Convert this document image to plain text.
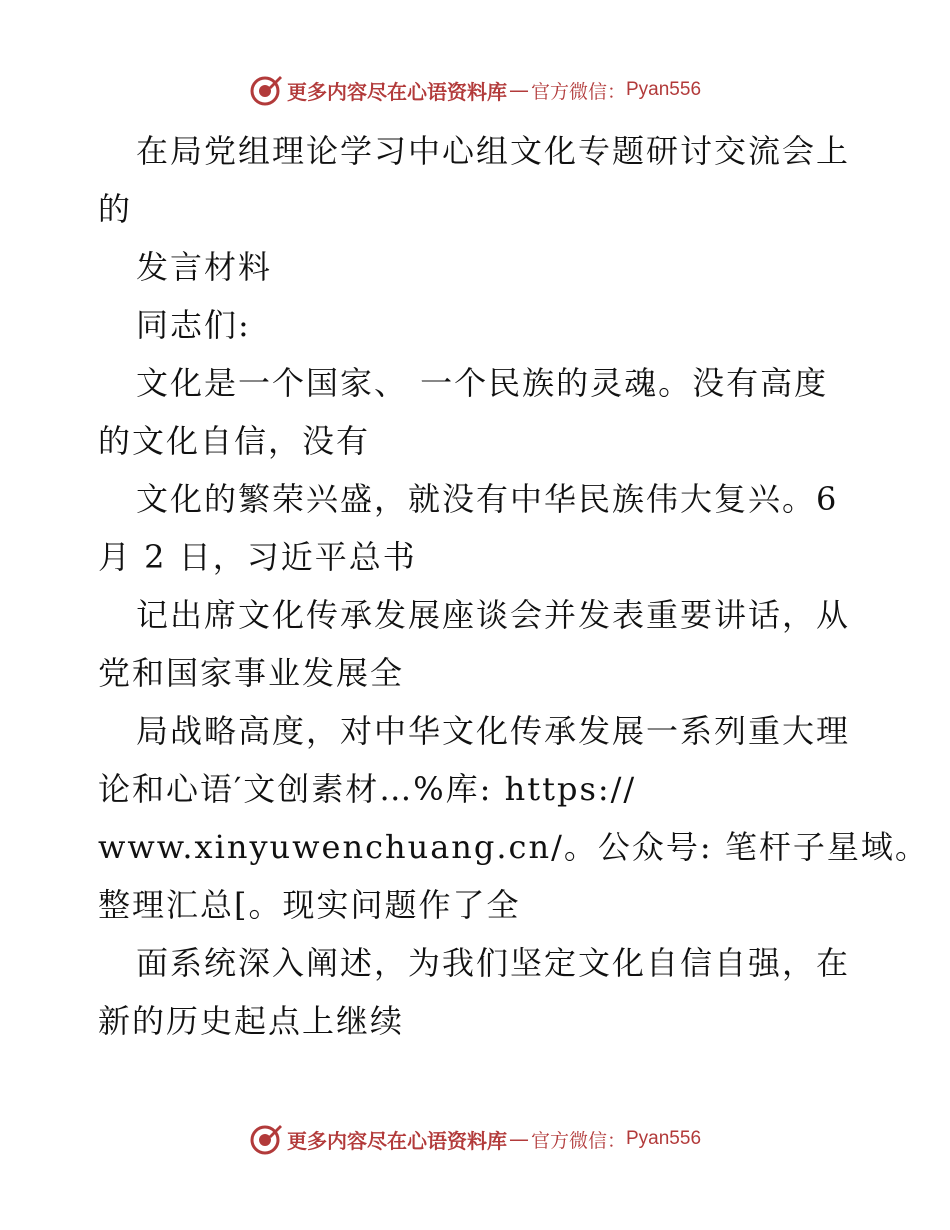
更多内容尽在心语资料库 — 官方微信： Pyan556
在局党组理论学习中心组文化专题研讨交流会上
的
发言材料
同志们:
文化是一个国家、 一个民族的灵魂。没有高度
的文化自信，没有
文化的繁荣兴盛，就没有中华民族伟大复兴。6
月 2 日，习近平总书
记出席文化传承发展座谈会并发表重要讲话，从
党和国家事业发展全
局战略高度，对中华文化传承发展一系列重大理
论和心语′文创素材…%库: https://
www.xinyuwenchuang.cn/。公众号: 笔杆子星域。
整理汇总[。现实问题作了全
面系统深入阐述，为我们坚定文化自信自强，在
新的历史起点上继续
更多内容尽在心语资料库 — 官方微信： Pyan556
